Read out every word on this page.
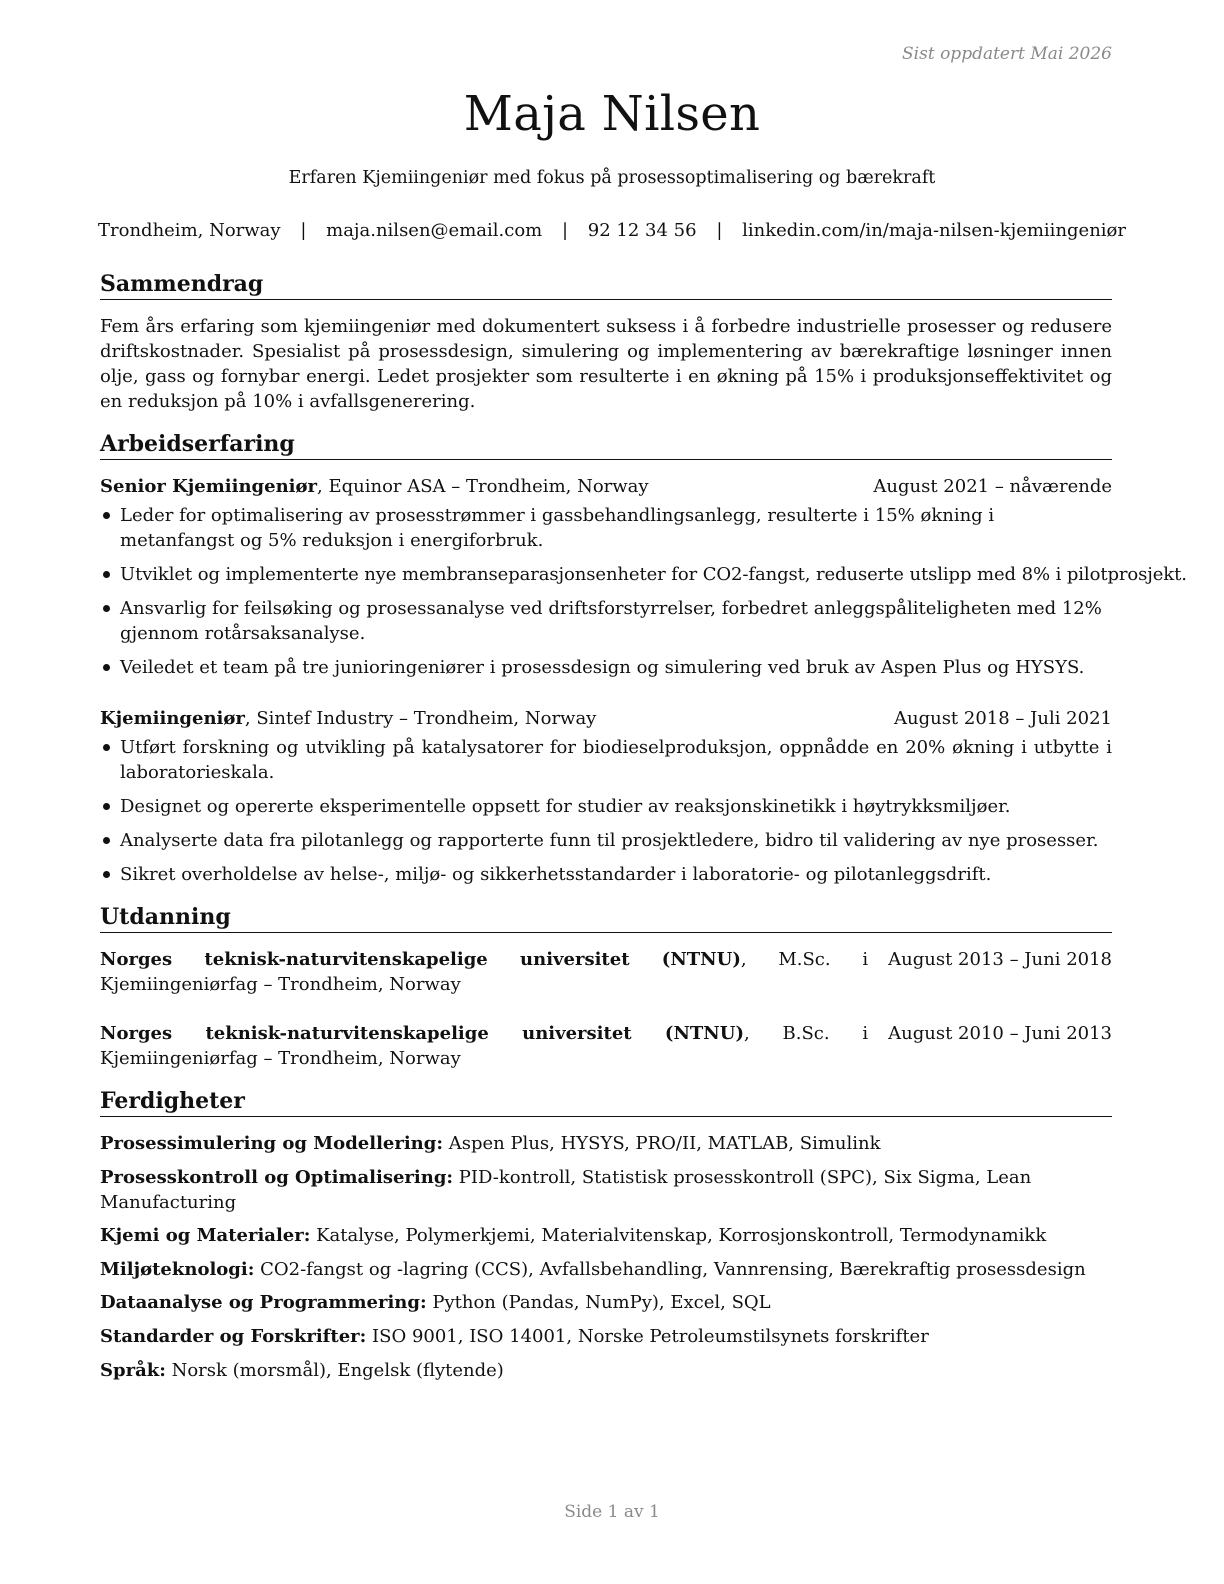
Sist oppdatert Mai 2026
Maja Nilsen
Erfaren Kjemiingeniør med fokus på prosessoptimalisering og bærekraft
Trondheim, Norway | maja.nilsen@email.com | 92 12 34 56 | linkedin.com/in/maja-nilsen-kjemiingeniør
Sammendrag

Fem års erfaring som kjemiingeniør med dokumentert suksess i å forbedre industrielle prosesser og redusere driftskostnader. Spesialist på prosessdesign, simulering og implementering av bærekraftige løsninger innen olje, gass og fornybar energi. Ledet prosjekter som resulterte i en økning på 15% i produksjonseffektivitet og en reduksjon på 10% i avfallsgenerering.

Arbeidserfaring
Senior Kjemiingeniør, Equinor ASA – Trondheim, Norway	August 2021 – nåværende
Leder for optimalisering av prosesstrømmer i gassbehandlingsanlegg, resulterte i 15% økning i metanfangst og 5% reduksjon i energiforbruk.
Utviklet og implementerte nye membranseparasjonsenheter for CO2-fangst, reduserte utslipp med 8% i pilotprosjekt.
Ansvarlig for feilsøking og prosessanalyse ved driftsforstyrrelser, forbedret anleggspåliteligheten med 12% gjennom rotårsaksanalyse.
Veiledet et team på tre junioringeniører i prosessdesign og simulering ved bruk av Aspen Plus og HYSYS.
Kjemiingeniør, Sintef Industry – Trondheim, Norway	August 2018 – Juli 2021
Utført forskning og utvikling på katalysatorer for biodieselproduksjon, oppnådde en 20% økning i utbytte i laboratorieskala.
Designet og opererte eksperimentelle oppsett for studier av reaksjonskinetikk i høytrykksmiljøer.
Analyserte data fra pilotanlegg og rapporterte funn til prosjektledere, bidro til validering av nye prosesser.
Sikret overholdelse av helse-, miljø- og sikkerhetsstandarder i laboratorie- og pilotanleggsdrift.
Utdanning
Norges teknisk-naturvitenskapelige universitet (NTNU), M.Sc. i Kjemiingeniørfag – Trondheim, Norway
August 2013 – Juni 2018
Norges teknisk-naturvitenskapelige universitet (NTNU), B.Sc. i Kjemiingeniørfag – Trondheim, Norway
August 2010 – Juni 2013
Ferdigheter
Prosessimulering og Modellering: Aspen Plus, HYSYS, PRO/II, MATLAB, Simulink
Prosesskontroll og Optimalisering: PID-kontroll, Statistisk prosesskontroll (SPC), Six Sigma, Lean Manufacturing
Kjemi og Materialer: Katalyse, Polymerkjemi, Materialvitenskap, Korrosjonskontroll, Termodynamikk
Miljøteknologi: CO2-fangst og -lagring (CCS), Avfallsbehandling, Vannrensing, Bærekraftig prosessdesign
Dataanalyse og Programmering: Python (Pandas, NumPy), Excel, SQL
Standarder og Forskrifter: ISO 9001, ISO 14001, Norske Petroleumstilsynets forskrifter
Språk: Norsk (morsmål), Engelsk (flytende)
Side 1 av 1
